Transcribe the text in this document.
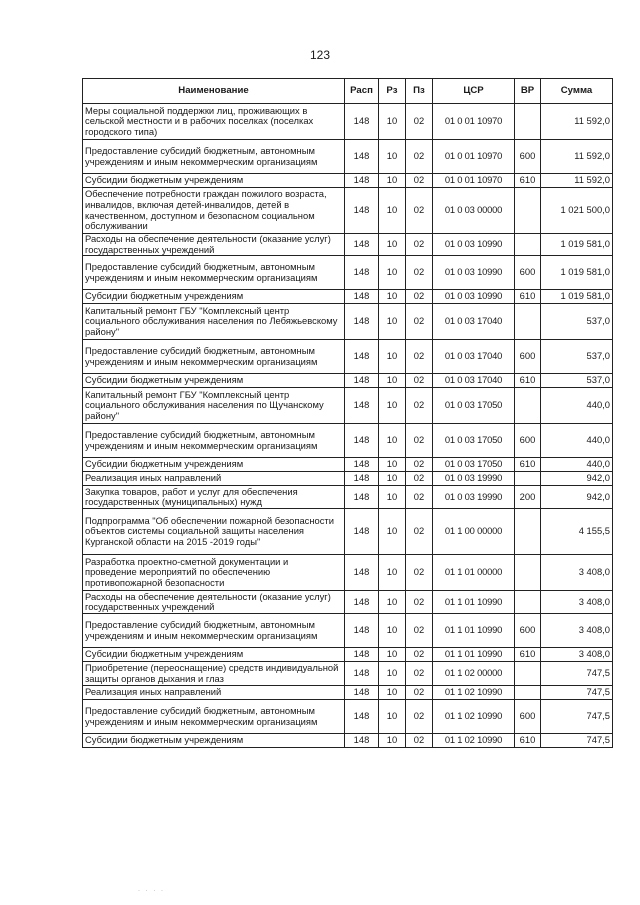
123
Наименование	Расп	Рз	Пз	ЦСР	ВР	Сумма
Меры социальной поддержки лиц, проживающих в сельской местности и в рабочих поселках (поселках городского типа)	148	10	02	01 0 01 10970		11 592,0
Предоставление субсидий бюджетным, автономным учреждениям и иным некоммерческим организациям	148	10	02	01 0 01 10970	600	11 592,0
Субсидии бюджетным учреждениям	148	10	02	01 0 01 10970	610	11 592,0
Обеспечение потребности граждан пожилого возраста, инвалидов, включая детей-инвалидов, детей в качественном, доступном и безопасном социальном обслуживании	148	10	02	01 0 03 00000		1 021 500,0
Расходы на обеспечение деятельности (оказание услуг) государственных учреждений	148	10	02	01 0 03 10990		1 019 581,0
Предоставление субсидий бюджетным, автономным учреждениям и иным некоммерческим организациям	148	10	02	01 0 03 10990	600	1 019 581,0
Субсидии бюджетным учреждениям	148	10	02	01 0 03 10990	610	1 019 581,0
Капитальный ремонт ГБУ "Комплексный центр социального обслуживания населения по Лебяжьевскому району"	148	10	02	01 0 03 17040		537,0
Предоставление субсидий бюджетным, автономным учреждениям и иным некоммерческим организациям	148	10	02	01 0 03 17040	600	537,0
Субсидии бюджетным учреждениям	148	10	02	01 0 03 17040	610	537,0
Капитальный ремонт ГБУ "Комплексный центр социального обслуживания населения по Щучанскому району"	148	10	02	01 0 03 17050		440,0
Предоставление субсидий бюджетным, автономным учреждениям и иным некоммерческим организациям	148	10	02	01 0 03 17050	600	440,0
Субсидии бюджетным учреждениям	148	10	02	01 0 03 17050	610	440,0
Реализация иных направлений	148	10	02	01 0 03 19990		942,0
Закупка товаров, работ и услуг для обеспечения государственных (муниципальных) нужд	148	10	02	01 0 03 19990	200	942,0
Подпрограмма "Об обеспечении пожарной безопасности объектов системы социальной защиты населения Курганской области на 2015 -2019 годы"	148	10	02	01 1 00 00000		4 155,5
Разработка проектно-сметной документации и проведение мероприятий по обеспечению противопожарной безопасности	148	10	02	01 1 01 00000		3 408,0
Расходы на обеспечение деятельности (оказание услуг) государственных учреждений	148	10	02	01 1 01 10990		3 408,0
Предоставление субсидий бюджетным, автономным учреждениям и иным некоммерческим организациям	148	10	02	01 1 01 10990	600	3 408,0
Субсидии бюджетным учреждениям	148	10	02	01 1 01 10990	610	3 408,0
Приобретение (переоснащение) средств индивидуальной защиты органов дыхания и глаз	148	10	02	01 1 02 00000		747,5
Реализация иных направлений	148	10	02	01 1 02 10990		747,5
Предоставление субсидий бюджетным, автономным учреждениям и иным некоммерческим организациям	148	10	02	01 1 02 10990	600	747,5
Субсидии бюджетным учреждениям	148	10	02	01 1 02 10990	610	747,5
· · · ·
